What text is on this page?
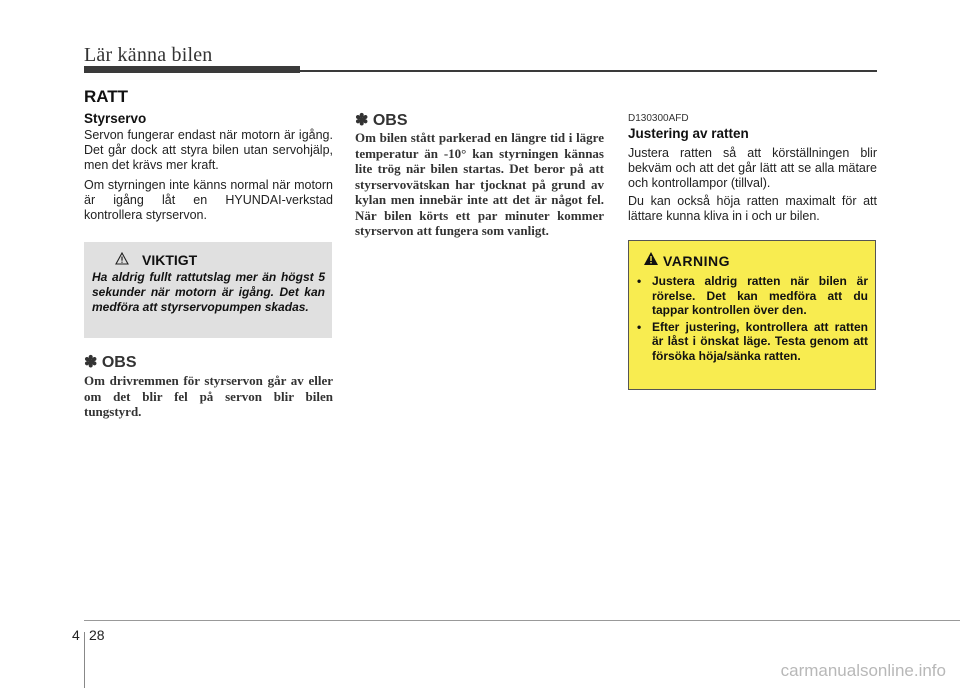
Lär känna bilen
RATT
Styrservo
Servon fungerar endast när motorn är igång. Det går dock att styra bilen utan servohjälp, men det krävs mer kraft.
Om styrningen inte känns normal när motorn är igång låt en HYUNDAI-verkstad kontrollera styrservon.
VIKTIGT
Ha aldrig fullt rattutslag mer än högst 5 sekunder när motorn är igång. Det kan medföra att styrservopumpen skadas.
✽ OBS
Om drivremmen för styrservon går av eller om det blir fel på servon blir bilen tungstyrd.
✽ OBS
Om bilen stått parkerad en längre tid i lägre temperatur än -10° kan styrningen kännas lite trög när bilen startas. Det beror på att styrservovätskan har tjocknat på grund av kylan men innebär inte att det är något fel. När bilen körts ett par minuter kommer styrservon att fungera som vanligt.
D130300AFD
Justering av ratten
Justera ratten så att körställningen blir bekväm och att det går lätt att se alla mätare och kontrollampor (tillval).
Du kan också höja ratten maximalt för att lättare kunna kliva in i och ur bilen.
VARNING
• Justera aldrig ratten när bilen är rörelse. Det kan medföra att du tappar kontrollen över den.
• Efter justering, kontrollera att ratten är låst i önskat läge. Testa genom att försöka höja/sänka ratten.
4 28
carmanualsonline.info
